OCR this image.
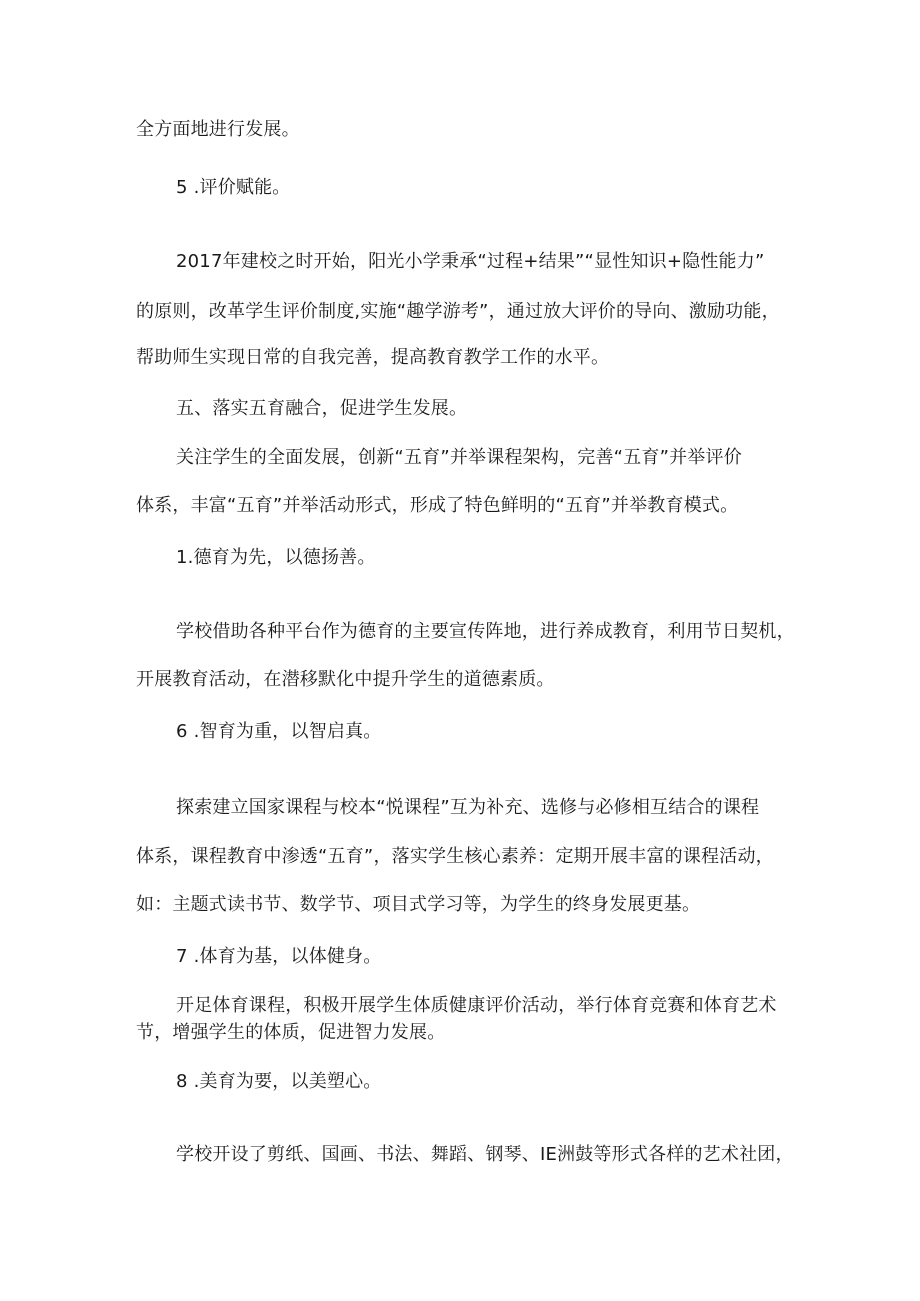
全方面地进行发展。

5 .评价赋能。

2017年建校之时开始，阳光小学秉承“过程+结果”“显性知识+隐性能力”

的原则，改革学生评价制度,实施“趣学游考”，通过放大评价的导向、激励功能，

帮助师生实现日常的自我完善，提高教育教学工作的水平。

五、落实五育融合，促进学生发展。

关注学生的全面发展，创新“五育”并举课程架构，完善“五育”并举评价

体系，丰富“五育”并举活动形式，形成了特色鲜明的“五育”并举教育模式。

1.德育为先，以德扬善。

学校借助各种平台作为德育的主要宣传阵地，进行养成教育，利用节日契机，

开展教育活动，在潜移默化中提升学生的道德素质。

6 .智育为重，以智启真。

探索建立国家课程与校本“悦课程”互为补充、选修与必修相互结合的课程

体系，课程教育中渗透“五育”，落实学生核心素养：定期开展丰富的课程活动，

如：主题式读书节、数学节、项目式学习等，为学生的终身发展更基。

7 .体育为基，以体健身。

开足体育课程，积极开展学生体质健康评价活动，举行体育竞赛和体育艺术

节，增强学生的体质，促进智力发展。

8 .美育为要，以美塑心。

学校开设了剪纸、国画、书法、舞蹈、钢琴、IE洲鼓等形式各样的艺术社团，
